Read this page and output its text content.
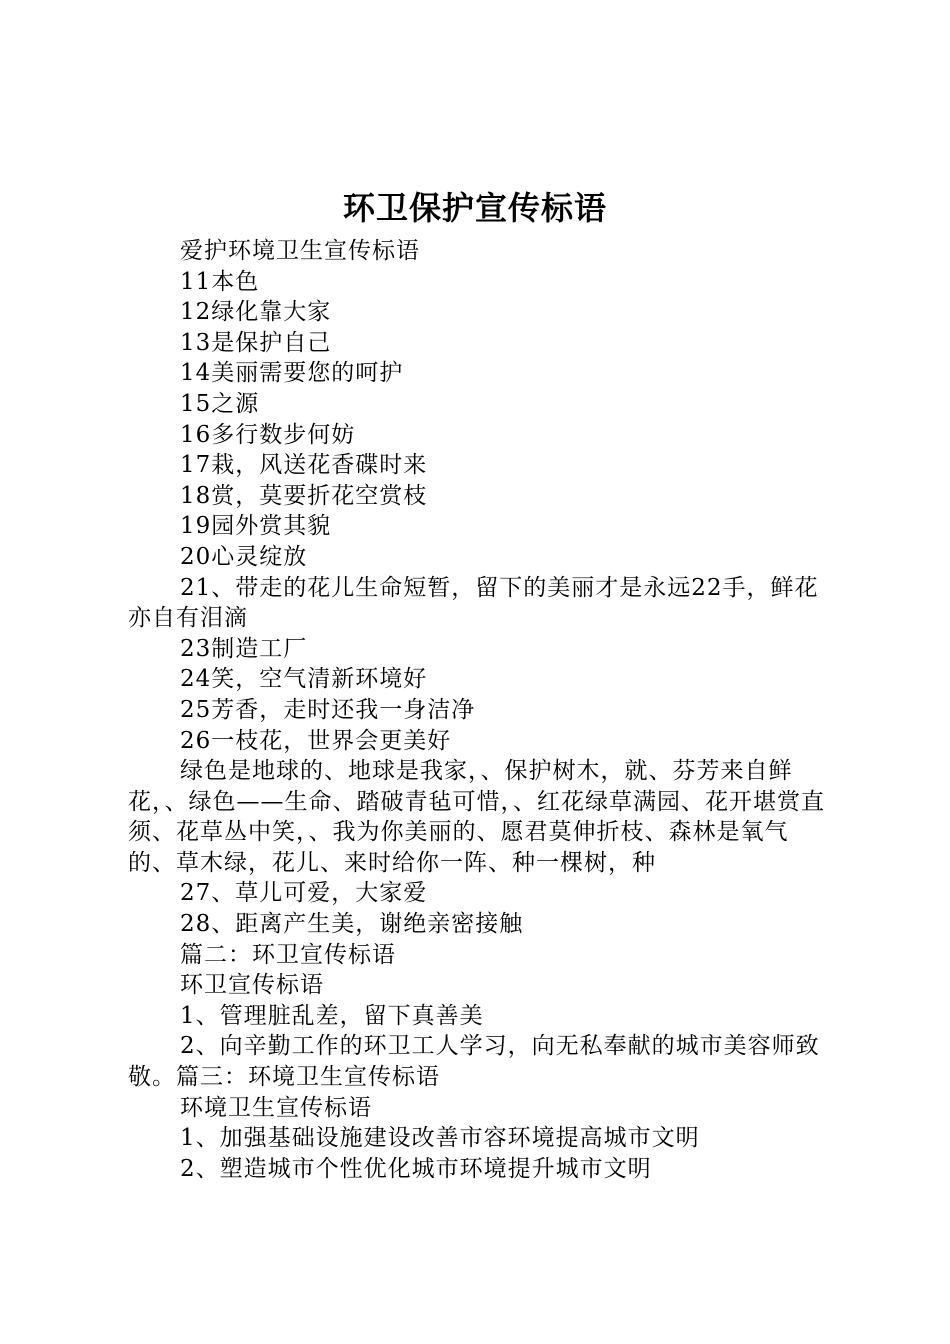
环卫保护宣传标语

爱护环境卫生宣传标语

11本色

12绿化靠大家

13是保护自己

14美丽需要您的呵护

15之源

16多行数步何妨

17栽，风送花香碟时来

18赏，莫要折花空赏枝

19园外赏其貌

20心灵绽放

21、带走的花儿生命短暂，留下的美丽才是永远22手，鲜花亦自有泪滴

23制造工厂

24笑，空气清新环境好

25芳香，走时还我一身洁净

26一枝花，世界会更美好

绿色是地球的、地球是我家，、保护树木，就、芬芳来自鲜花，、绿色——生命、踏破青毡可惜，、红花绿草满园、花开堪赏直须、花草丛中笑，、我为你美丽的、愿君莫伸折枝、森林是氧气的、草木绿，花儿、来时给你一阵、种一棵树，种

27、草儿可爱，大家爱

28、距离产生美，谢绝亲密接触

篇二：环卫宣传标语

环卫宣传标语

1、管理脏乱差，留下真善美

2、向辛勤工作的环卫工人学习，向无私奉献的城市美容师致敬。篇三：环境卫生宣传标语

环境卫生宣传标语

1、加强基础设施建设改善市容环境提高城市文明

2、塑造城市个性优化城市环境提升城市文明
